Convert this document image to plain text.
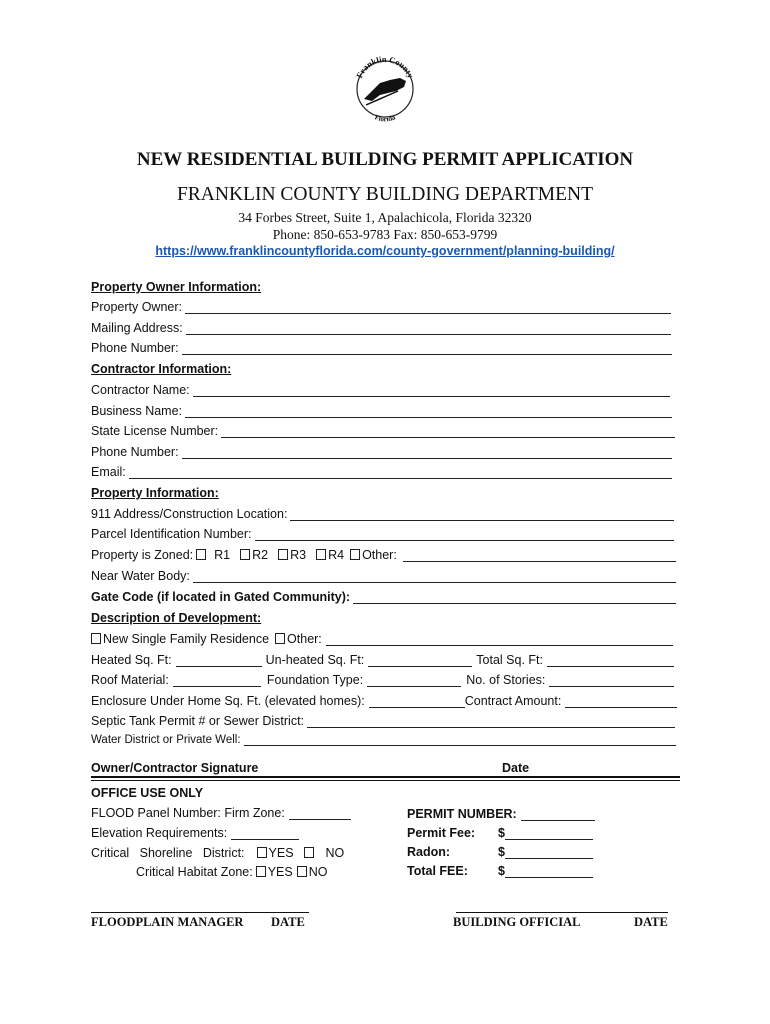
Franklin County
Florida
NEW RESIDENTIAL BUILDING PERMIT APPLICATION
FRANKLIN COUNTY BUILDING DEPARTMENT
34 Forbes Street, Suite 1, Apalachicola, Florida 32320
Phone: 850-653-9783 Fax: 850-653-9799
https://www.franklincountyflorida.com/county-government/planning-building/
Property Owner Information:
Property Owner:
Mailing Address:
Phone Number:
Contractor Information:
Contractor Name:
Business Name:
State License Number:
Phone Number:
Email:
Property Information:
911 Address/Construction Location:
Parcel Identification Number:
Property is Zoned: R1 R2 R3 R4 Other:
Near Water Body:
Gate Code (if located in Gated Community):
Description of Development:
New Single Family Residence Other:
Heated Sq. Ft:	Un-heated Sq. Ft:	Total Sq. Ft:
Roof Material:	Foundation Type:	No. of Stories:
Enclosure Under Home Sq. Ft. (elevated homes):	Contract Amount:
Septic Tank Permit # or Sewer District:
Water District or Private Well:
Owner/Contractor Signature	Date
OFFICE USE ONLY
FLOOD Panel Number: Firm Zone:
Elevation Requirements:
Critical   Shoreline   District: YES	NO
Critical Habitat Zone: YES NO
PERMIT NUMBER:
Permit Fee:	$
Radon:	$
Total FEE:	$
FLOODPLAIN MANAGER DATE	BUILDING OFFICIAL	DATE
